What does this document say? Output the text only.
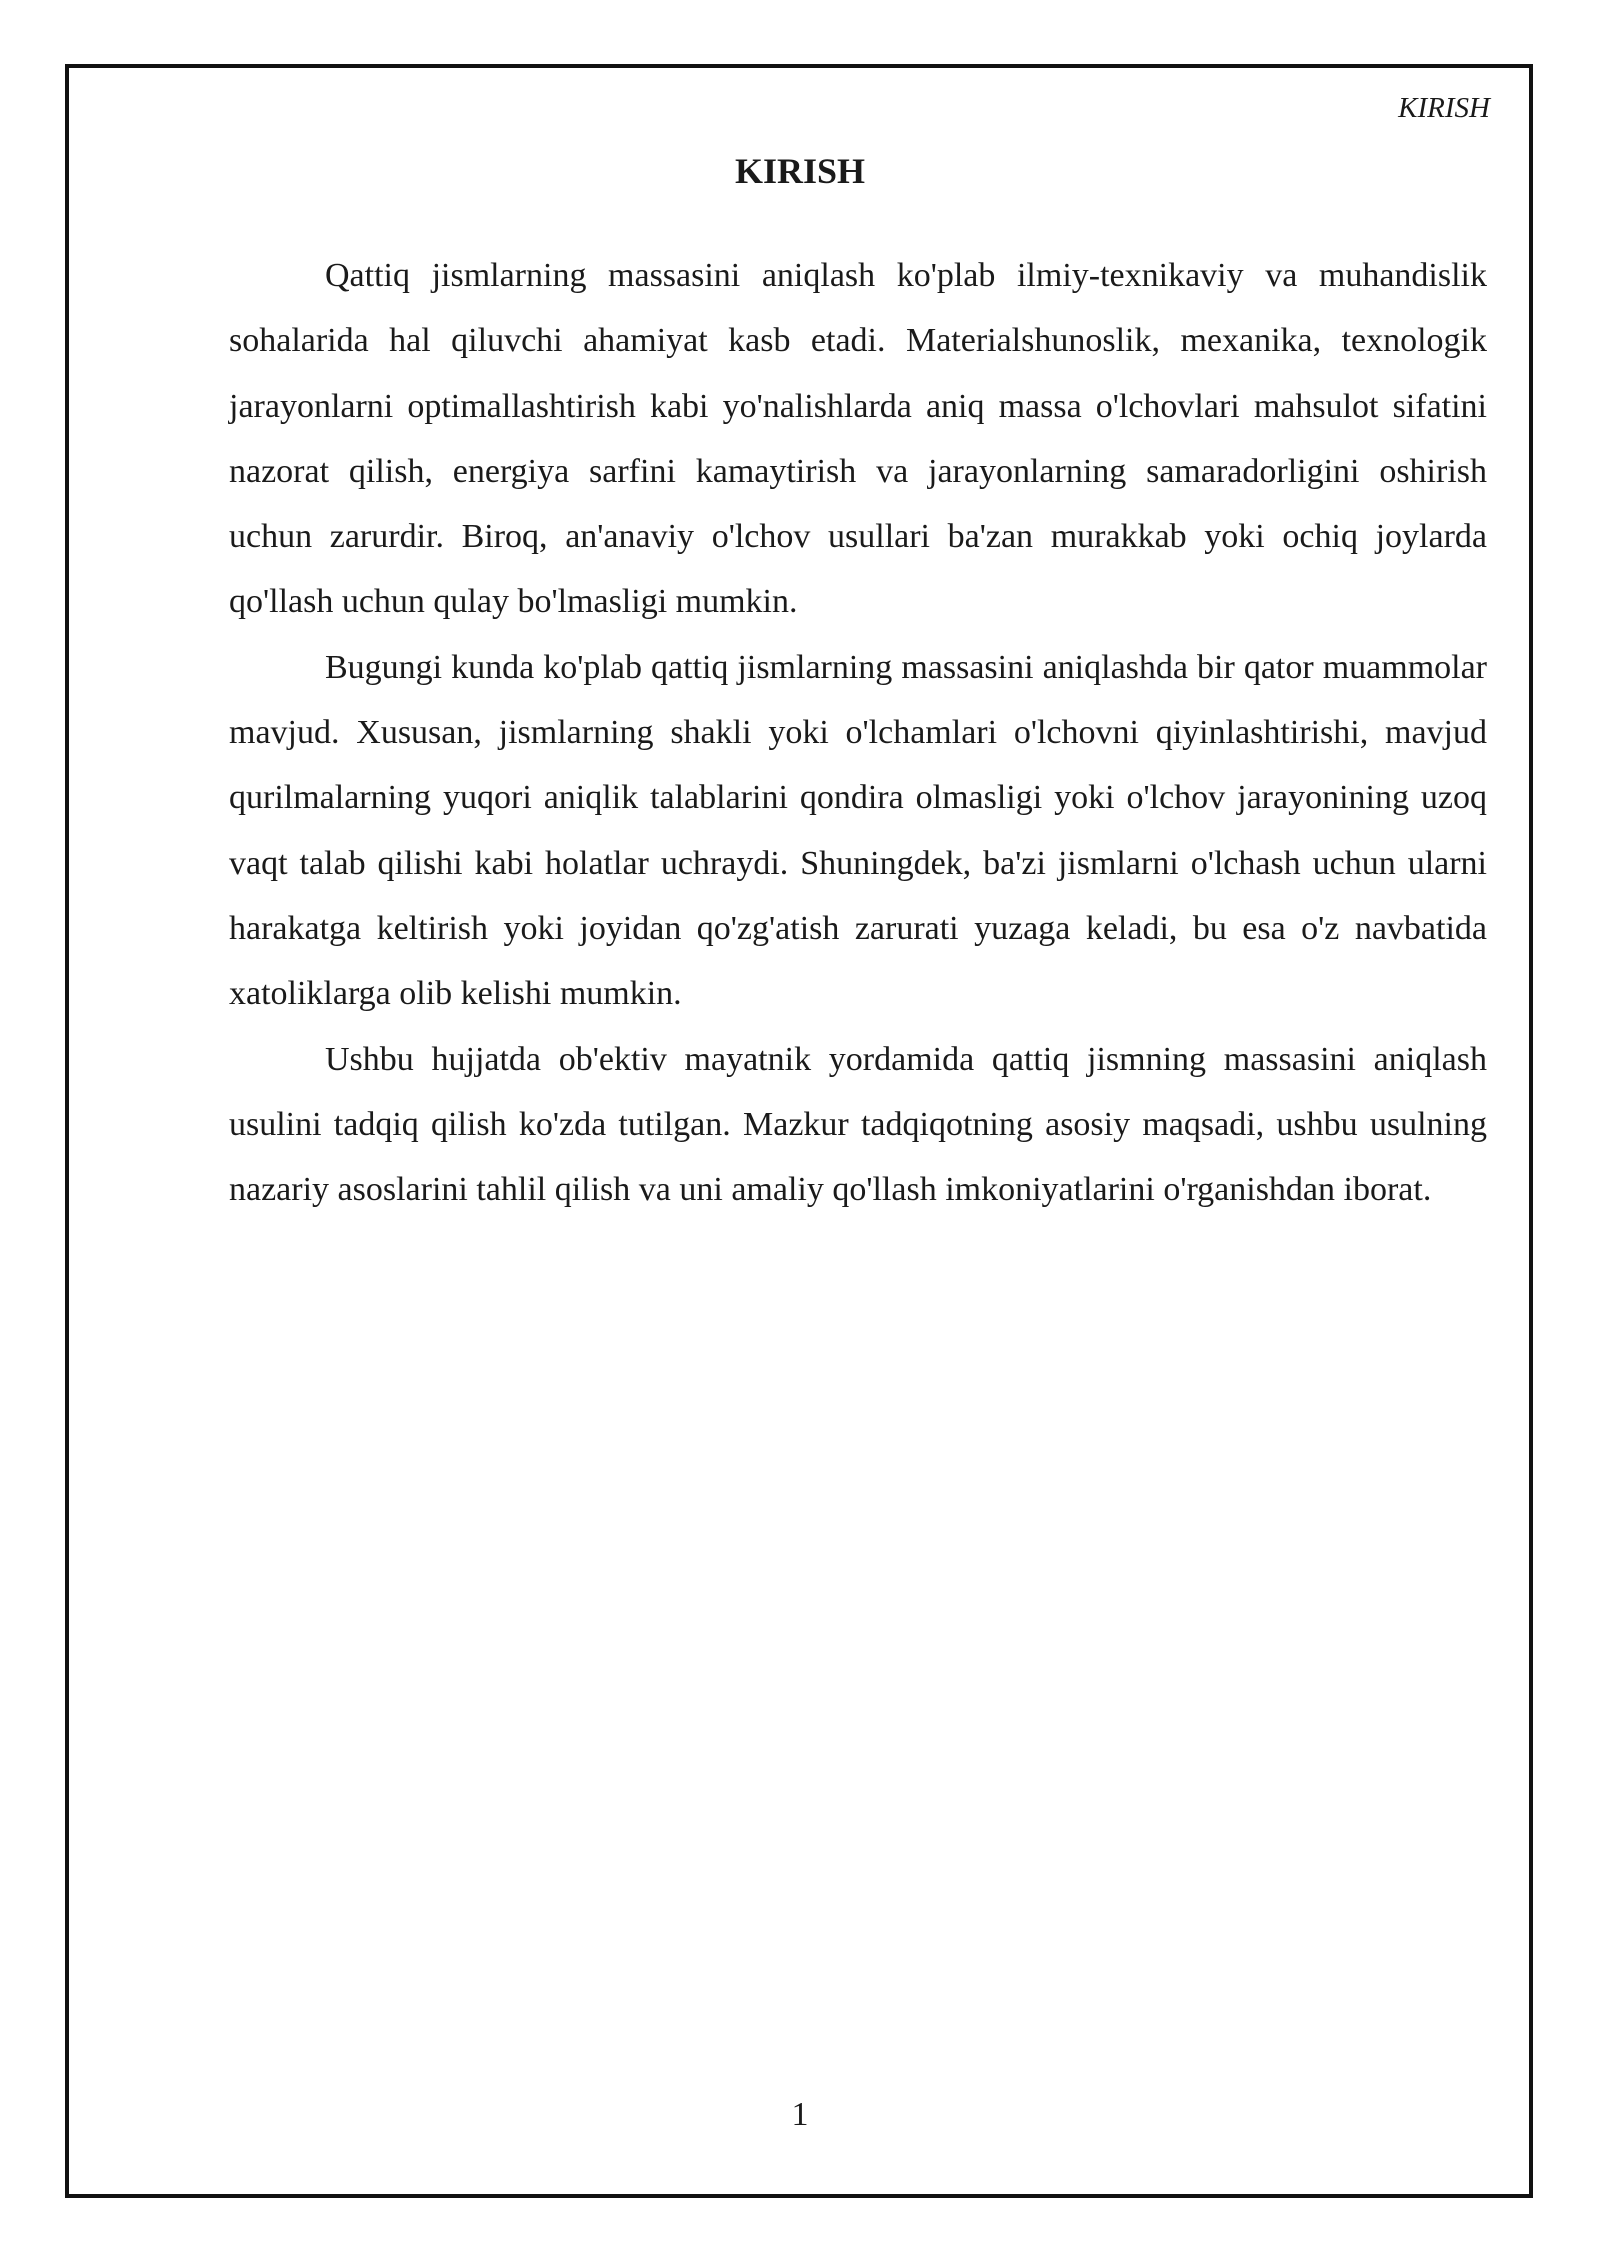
KIRISH

KIRISH

Qattiq jismlarning massasini aniqlash ko'plab ilmiy-texnikaviy va muhandislik sohalarida hal qiluvchi ahamiyat kasb etadi. Materialshunoslik, mexanika, texnologik jarayonlarni optimallashtirish kabi yo'nalishlarda aniq massa o'lchovlari mahsulot sifatini nazorat qilish, energiya sarfini kamaytirish va jarayonlarning samaradorligini oshirish uchun zarurdir. Biroq, an'anaviy o'lchov usullari ba'zan murakkab yoki ochiq joylarda qo'llash uchun qulay bo'lmasligi mumkin.

Bugungi kunda ko'plab qattiq jismlarning massasini aniqlashda bir qator muammolar mavjud. Xususan, jismlarning shakli yoki o'lchamlari o'lchovni qiyinlashtirishi, mavjud qurilmalarning yuqori aniqlik talablarini qondira olmasligi yoki o'lchov jarayonining uzoq vaqt talab qilishi kabi holatlar uchraydi. Shuningdek, ba'zi jismlarni o'lchash uchun ularni harakatga keltirish yoki joyidan qo'zg'atish zarurati yuzaga keladi, bu esa o'z navbatida xatoliklarga olib kelishi mumkin.

Ushbu hujjatda ob'ektiv mayatnik yordamida qattiq jismning massasini aniqlash usulini tadqiq qilish ko'zda tutilgan. Mazkur tadqiqotning asosiy maqsadi, ushbu usulning nazariy asoslarini tahlil qilish va uni amaliy qo'llash imkoniyatlarini o'rganishdan iborat.

1
